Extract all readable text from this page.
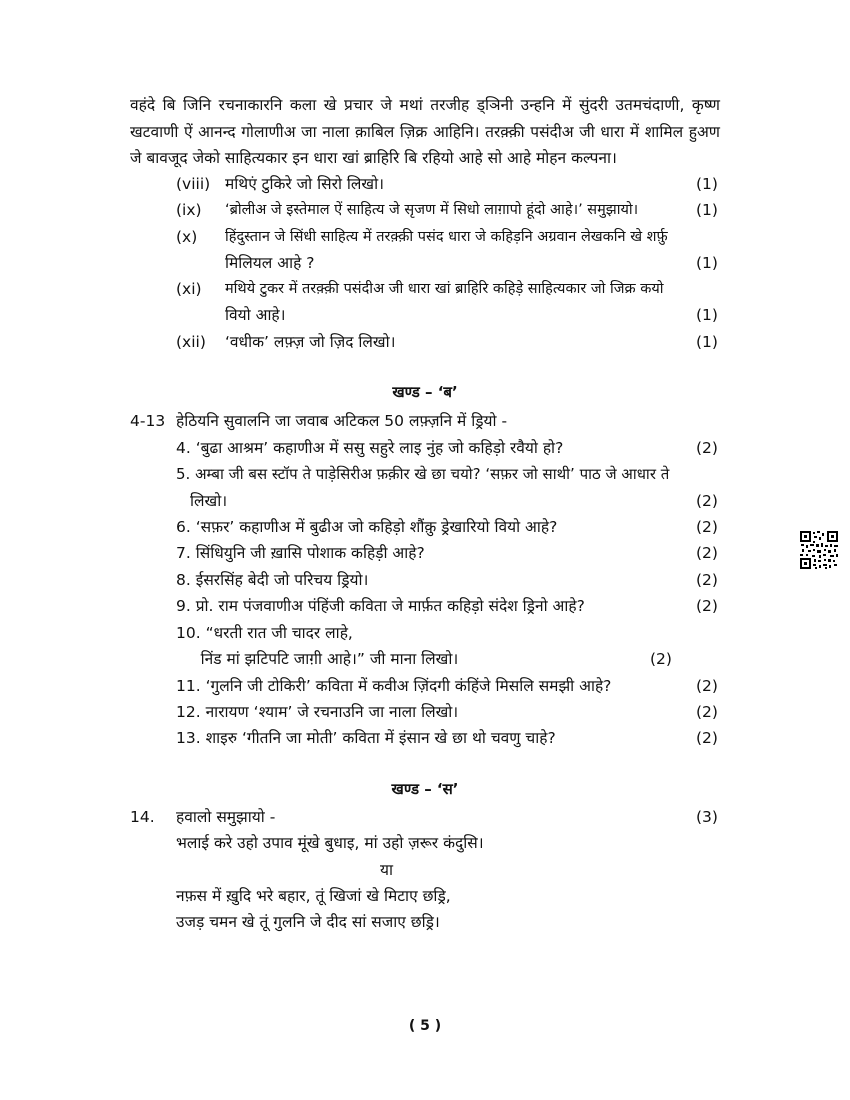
वहंदे बि जिनि रचनाकारनि कला खे प्रचार जे मथां तरजीह ड्ञिनी उन्हनि में सुंदरी उतमचंदाणी, कृष्ण खटवाणी ऐं आनन्द गोलाणीअ जा नाला क़ाबिल ज़िक्र आहिनि। तरक़्क़ी पसंदीअ जी धारा में शामिल हुअण जे बावजूद जेको साहित्यकार इन धारा खां ब्राहिरि बि रहियो आहे सो आहे मोहन कल्पना।
(viii) मथिएं टुकिरे जो सिरो लिखो।	(1)
(ix) ‘ब्रोलीअ जे इस्तेमाल ऐं साहित्य जे सृजण में सिधो लाग़ापो हूंदो आहे।’ समुझायो।	(1)
(x) हिंदुस्तान जे सिंधी साहित्य में तरक़्क़ी पसंद धारा जे कहिड़नि अग्रवान लेखकनि खे शर्फ़ु
मिलियल आहे ?	(1)
(xi) मथिये टुकर में तरक़्क़ी पसंदीअ जी धारा खां ब्राहिरि कहिड़े साहित्यकार जो जिक्र कयो
वियो आहे।	(1)
(xii) ‘वधीक’ लफ़्ज़ जो ज़िद लिखो।	(1)
खण्ड – ‘ब’
4-13 हेठियनि सुवालनि जा जवाब अटिकल 50 लफ़्ज़नि में ड्रियो -
4. ‘बुढा आश्रम’ कहाणीअ में ससु सहुरे लाइ नुंह जो कहिड़ो रवैयो हो?	(2)
5. अम्बा जी बस स्टॉप ते पाड़ेसिरीअ फ़क़ीर खे छा चयो? ‘सफ़र जो साथी’ पाठ जे आधार ते
लिखो।	(2)
6. ‘सफ़र’ कहाणीअ में बुढीअ जो कहिड़ो शौंक़ु ड्रेखारियो वियो आहे?	(2)
7. सिंधियुनि जी ख़ासि पोशाक कहिड़ी आहे?	(2)
8. ईसरसिंह बेदी जो परिचय ड्रियो।	(2)
9. प्रो. राम पंजवाणीअ पंहिंजी कविता जे मार्फ़त कहिड़ो संदेश ड्रिनो आहे?	(2)
10. “धरती रात जी चादर लाहे,
निंड मां झटिपटि जाग़ी आहे।” जी माना लिखो।	(2)
11. ‘गुलनि जी टोकिरी’ कविता में कवीअ ज़िंदगी कंहिंजे मिसलि समझी आहे?	(2)
12. नारायण ‘श्याम’ जे रचनाउनि जा नाला लिखो।	(2)
13. शाइरु ‘गीतनि जा मोती’ कविता में इंसान खे छा थो चवणु चाहे?	(2)
खण्ड – ‘स’
14. हवालो समुझायो -	(3)
भलाई करे उहो उपाव मूंखे बुधाइ, मां उहो ज़रूर कंदुसि।
या
नफ़स में ख़ुदि भरे बहार, तूं खिजां खे मिटाए छड्रि,
उजड़ चमन खे तूं गुलनि जे दीद सां सजाए छड्रि।
( 5 )
